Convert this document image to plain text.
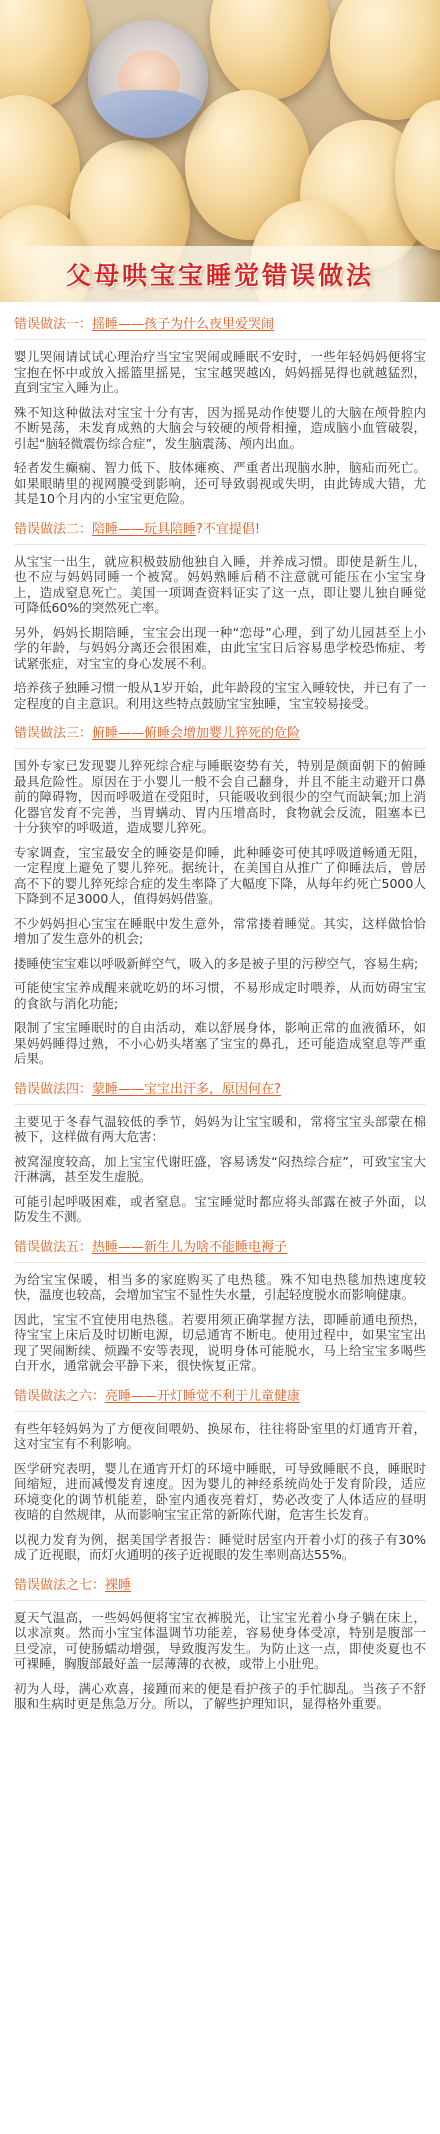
父母哄宝宝睡觉错误做法
错误做法一：摇睡——孩子为什么夜里爱哭闹

婴儿哭闹请试试心理治疗当宝宝哭闹或睡眠不安时，一些年轻妈妈便将宝宝抱在怀中或放入摇篮里摇晃，宝宝越哭越凶，妈妈摇晃得也就越猛烈，直到宝宝入睡为止。

殊不知这种做法对宝宝十分有害，因为摇晃动作使婴儿的大脑在颅骨腔内不断晃荡，未发育成熟的大脑会与较硬的颅骨相撞，造成脑小血管破裂，引起“脑轻微震伤综合症”，发生脑震荡、颅内出血。

轻者发生癫痫、智力低下、肢体瘫痪、严重者出现脑水肿，脑疝而死亡。如果眼睛里的视网膜受到影响，还可导致弱视或失明，由此铸成大错，尤其是10个月内的小宝宝更危险。

错误做法二：陪睡——玩具陪睡?不宜提倡!

从宝宝一出生，就应积极鼓励他独自入睡，并养成习惯。即使是新生儿，也不应与妈妈同睡一个被窝。妈妈熟睡后稍不注意就可能压在小宝宝身上，造成窒息死亡。美国一项调查资料证实了这一点，即让婴儿独自睡觉可降低60%的突然死亡率。

另外，妈妈长期陪睡，宝宝会出现一种“恋母”心理，到了幼儿园甚至上小学的年龄，与妈妈分离还会很困难，由此宝宝日后容易患学校恐怖症、考试紧张症，对宝宝的身心发展不利。

培养孩子独睡习惯一般从1岁开始，此年龄段的宝宝入睡较快，并已有了一定程度的自主意识。利用这些特点鼓励宝宝独睡，宝宝较易接受。

错误做法三：俯睡——俯睡会增加婴儿猝死的危险

国外专家已发现婴儿猝死综合症与睡眠姿势有关，特别是颜面朝下的俯睡最具危险性。原因在于小婴儿一般不会自己翻身，并且不能主动避开口鼻前的障碍物，因而呼吸道在受阻时，只能吸收到很少的空气而缺氧;加上消化器官发育不完善，当胃螨动、胃内压增高时，食物就会反流，阻塞本已十分狭窄的呼吸道，造成婴儿猝死。

专家调查，宝宝最安全的睡姿是仰睡，此种睡姿可使其呼吸道畅通无阻，一定程度上避免了婴儿猝死。据统计，在美国自从推广了仰睡法后，曾居高不下的婴儿猝死综合症的发生率降了大幅度下降，从每年约死亡5000人下降到不足3000人，值得妈妈借鉴。

不少妈妈担心宝宝在睡眠中发生意外，常常搂着睡觉。其实，这样做恰恰增加了发生意外的机会;

搂睡使宝宝难以呼吸新鲜空气，吸入的多是被子里的污秽空气，容易生病;

可能使宝宝养成醒来就吃奶的坏习惯，不易形成定时喂养，从而妨碍宝宝的食欲与消化功能;

限制了宝宝睡眠时的自由活动，难以舒展身体，影响正常的血液循环，如果妈妈睡得过熟，不小心奶头堵塞了宝宝的鼻孔，还可能造成窒息等严重后果。

错误做法四：蒙睡——宝宝出汗多，原因何在?

主要见于冬春气温较低的季节，妈妈为让宝宝暖和，常将宝宝头部蒙在棉被下，这样做有两大危害：

被窝湿度较高，加上宝宝代谢旺盛，容易诱发“闷热综合症”，可致宝宝大汗淋漓，甚至发生虚脱。

可能引起呼吸困难，或者窒息。宝宝睡觉时都应将头部露在被子外面，以防发生不测。

错误做法五：热睡——新生儿为啥不能睡电褥子

为给宝宝保暖，相当多的家庭购买了电热毯。殊不知电热毯加热速度较快，温度也较高，会增加宝宝不显性失水量，引起轻度脱水而影响健康。

因此，宝宝不宜使用电热毯。若要用须正确掌握方法，即睡前通电预热，待宝宝上床后及时切断电源，切忌通宵不断电。使用过程中，如果宝宝出现了哭闹断续、烦躁不安等表现，说明身体可能脱水，马上给宝宝多喝些白开水，通常就会平静下来，很快恢复正常。

错误做法之六：亮睡——开灯睡觉不利于儿童健康

有些年轻妈妈为了方便夜间喂奶、换尿布，往往将卧室里的灯通宵开着，这对宝宝有不利影响。

医学研究表明，婴儿在通宵开灯的环境中睡眠，可导致睡眠不良，睡眠时间缩短，进而减慢发育速度。因为婴儿的神经系统尚处于发育阶段，适应环境变化的调节机能差，卧室内通夜亮着灯，势必改变了人体适应的昼明夜暗的自然规律，从而影响宝宝正常的新陈代谢，危害生长发育。

以视力发育为例，据美国学者报告：睡觉时居室内开着小灯的孩子有30%成了近视眼，而灯火通明的孩子近视眼的发生率则高达55%。

错误做法之七：裸睡

夏天气温高，一些妈妈便将宝宝衣裤脱光，让宝宝光着小身子躺在床上，以求凉爽。然而小宝宝体温调节功能差，容易使身体受凉，特别是腹部一旦受凉，可使肠蠕动增强，导致腹泻发生。为防止这一点，即使炎夏也不可裸睡，胸腹部最好盖一层薄薄的衣被，或带上小肚兜。

初为人母，满心欢喜，接踵而来的便是看护孩子的手忙脚乱。当孩子不舒服和生病时更是焦急万分。所以，了解些护理知识，显得格外重要。
